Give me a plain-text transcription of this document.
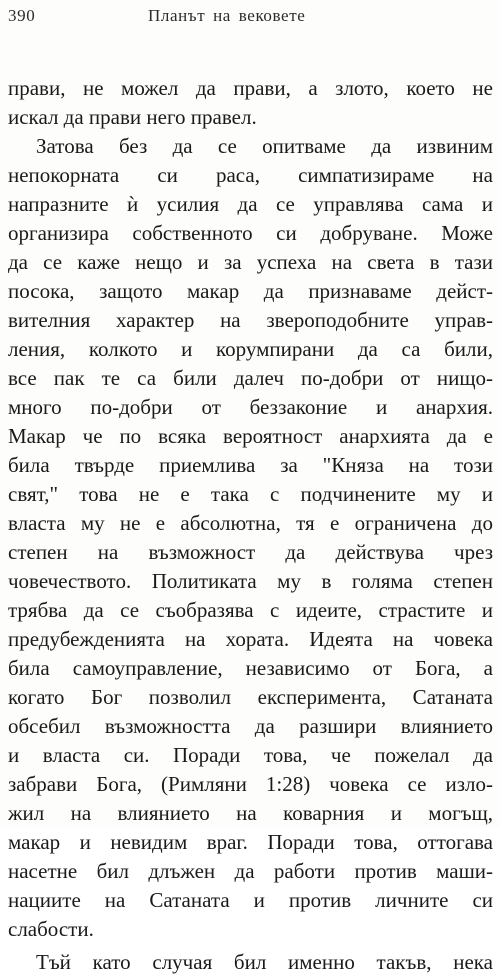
390	Планът на вековете
прави, не можел да прави, а злото, което не
искал да прави него правел.
Затова без да се опитваме да извиним
непокорната си раса, симпатизираме на
напразните ѝ усилия да се управлява сама и
организира собственното си добруване. Може
да се каже нещо и за успеха на света в тази
посока, защото макар да признаваме дейст-
вителния характер на звероподобните управ-
ления, колкото и корумпирани да са били,
все пак те са били далеч по-добри от нищо-
много по-добри от беззаконие и анархия.
Макар че по всяка вероятност анархията да е
била твърде приемлива за "Княза на този
свят," това не е така с подчинените му и
власта му не е абсолютна, тя е ограничена до
степен на възможност да действува чрез
човечеството. Политиката му в голяма степен
трябва да се съобразява с идеите, страстите и
предубежденията на хората. Идеята на човека
била самоуправление, независимо от Бога, а
когато Бог позволил експеримента, Сатаната
обсебил възможността да разшири влиянието
и власта си. Поради това, че пожелал да
забрави Бога, (Римляни 1:28) човека се изло-
жил на влиянието на коварния и могъщ,
макар и невидим враг. Поради това, оттогава
насетне бил длъжен да работи против маши-
нациите на Сатаната и против личните си
слабости.
Тъй като случая бил именно такъв, нека
